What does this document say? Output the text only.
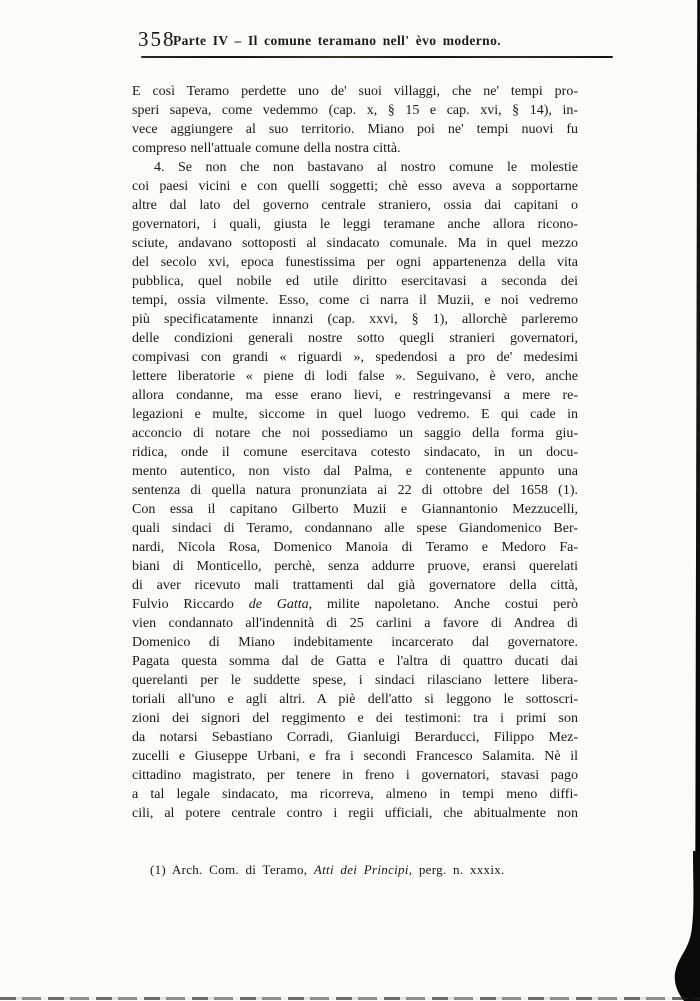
358
Parte IV – Il comune teramano nell' èvo moderno.
E così Teramo perdette uno de' suoi villaggi, che ne' tempi pro-
speri sapeva, come vedemmo (cap. x, § 15 e cap. xvi, § 14), in-
vece aggiungere al suo territorio. Miano poi ne' tempi nuovi fu
compreso nell'attuale comune della nostra città.
4. Se non che non bastavano al nostro comune le molestie
coi paesi vicini e con quelli soggetti; chè esso aveva a sopportarne
altre dal lato del governo centrale straniero, ossia dai capitani o
governatori, i quali, giusta le leggi teramane anche allora ricono-
sciute, andavano sottoposti al sindacato comunale. Ma in quel mezzo
del secolo xvi, epoca funestissima per ogni appartenenza della vita
pubblica, quel nobile ed utile diritto esercitavasi a seconda dei
tempi, ossia vilmente. Esso, come ci narra il Muzii, e noi vedremo
più specificatamente innanzi (cap. xxvi, § 1), allorchè parleremo
delle condizioni generali nostre sotto quegli stranieri governatori,
compivasi con grandi « riguardi », spedendosi a pro de' medesimi
lettere liberatorie « piene di lodi false ». Seguivano, è vero, anche
allora condanne, ma esse erano lievi, e restringevansi a mere re-
legazioni e multe, siccome in quel luogo vedremo. E qui cade in
acconcio di notare che noi possediamo un saggio della forma giu-
ridica, onde il comune esercitava cotesto sindacato, in un docu-
mento autentico, non visto dal Palma, e contenente appunto una
sentenza di quella natura pronunziata ai 22 di ottobre del 1658 (1).
Con essa il capitano Gilberto Muzii e Giannantonio Mezzucelli,
quali sindaci di Teramo, condannano alle spese Giandomenico Ber-
nardi, Nicola Rosa, Domenico Manoia di Teramo e Medoro Fa-
biani di Monticello, perchè, senza addurre pruove, eransi querelati
di aver ricevuto mali trattamenti dal già governatore della città,
Fulvio Riccardo de Gatta, milite napoletano. Anche costui però
vien condannato all'indennità di 25 carlini a favore di Andrea di
Domenico di Miano indebitamente incarcerato dal governatore.
Pagata questa somma dal de Gatta e l'altra di quattro ducati dai
querelanti per le suddette spese, i sindaci rilasciano lettere libera-
toriali all'uno e agli altri. A piè dell'atto si leggono le sottoscri-
zioni dei signori del reggimento e dei testimoni: tra i primi son
da notarsi Sebastiano Corradi, Gianluigi Berarducci, Filippo Mez-
zucelli e Giuseppe Urbani, e fra i secondi Francesco Salamita. Nè il
cittadino magistrato, per tenere in freno i governatori, stavasi pago
a tal legale sindacato, ma ricorreva, almeno in tempi meno diffi-
cili, al potere centrale contro i regii ufficiali, che abitualmente non
(1) Arch. Com. di Teramo, Atti dei Principi, perg. n. xxxix.
